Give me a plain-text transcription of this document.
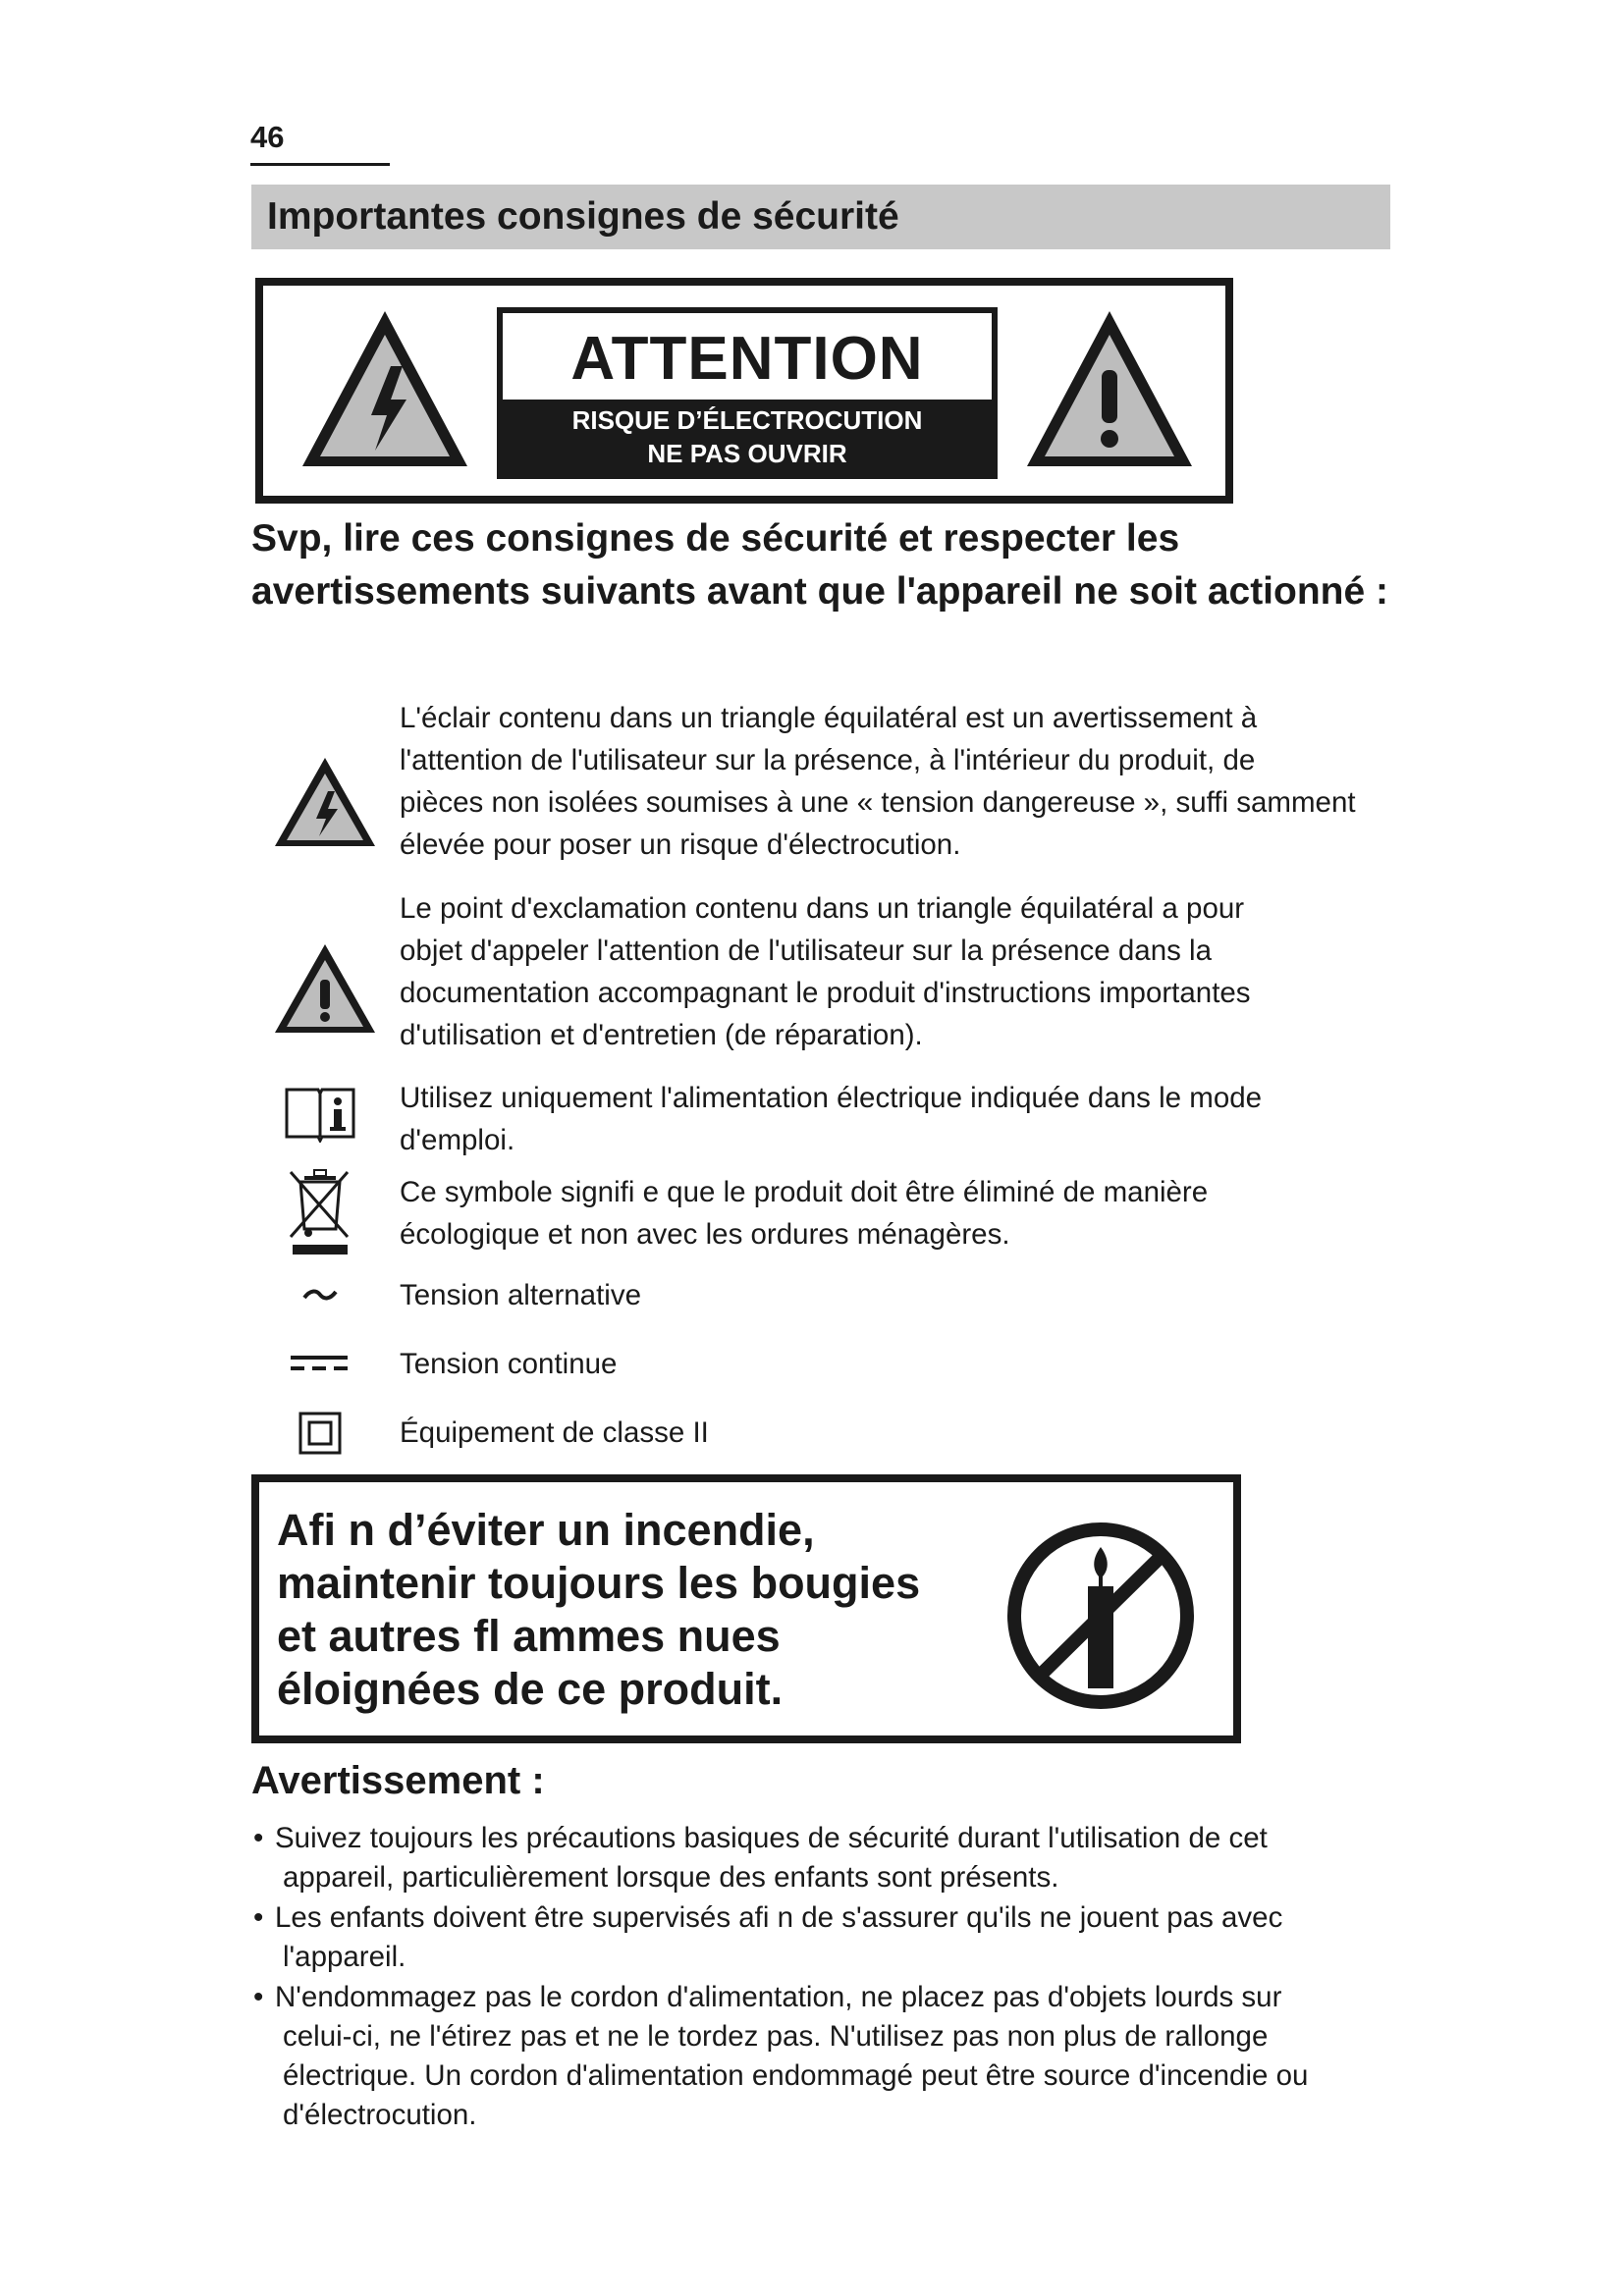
46
Importantes consignes de sécurité
ATTENTION
RISQUE D’ÉLECTROCUTION
NE PAS OUVRIR
Svp, lire ces consignes de sécurité et respecter les avertissements suivants avant que l'appareil ne soit actionné :
L'éclair contenu dans un triangle équilatéral est un avertissement à
l'attention de l'utilisateur sur la présence, à l'intérieur du produit, de
pièces non isolées soumises à une « tension dangereuse », suffi samment
élevée pour poser un risque d'électrocution.
Le point d'exclamation contenu dans un triangle équilatéral a pour
objet d'appeler l'attention de l'utilisateur sur la présence dans la
documentation accompagnant le produit d'instructions importantes
d'utilisation et d'entretien (de réparation).
Utilisez uniquement l'alimentation électrique indiquée dans le mode
d'emploi.
Ce symbole signifi e que le produit doit être éliminé de manière
écologique et non avec les ordures ménagères.
Tension alternative
Tension continue
Équipement de classe II
Afi n d’éviter un incendie,
maintenir toujours les bougies
et autres fl ammes nues
éloignées de ce produit.
Avertissement :
• Suivez toujours les précautions basiques de sécurité durant l'utilisation de cet
appareil, particulièrement lorsque des enfants sont présents.
• Les enfants doivent être supervisés afi n de s'assurer qu'ils ne jouent pas avec
l'appareil.
• N'endommagez pas le cordon d'alimentation, ne placez pas d'objets lourds sur
celui-ci, ne l'étirez pas et ne le tordez pas. N'utilisez pas non plus de rallonge
électrique. Un cordon d'alimentation endommagé peut être source d'incendie ou
d'électrocution.
